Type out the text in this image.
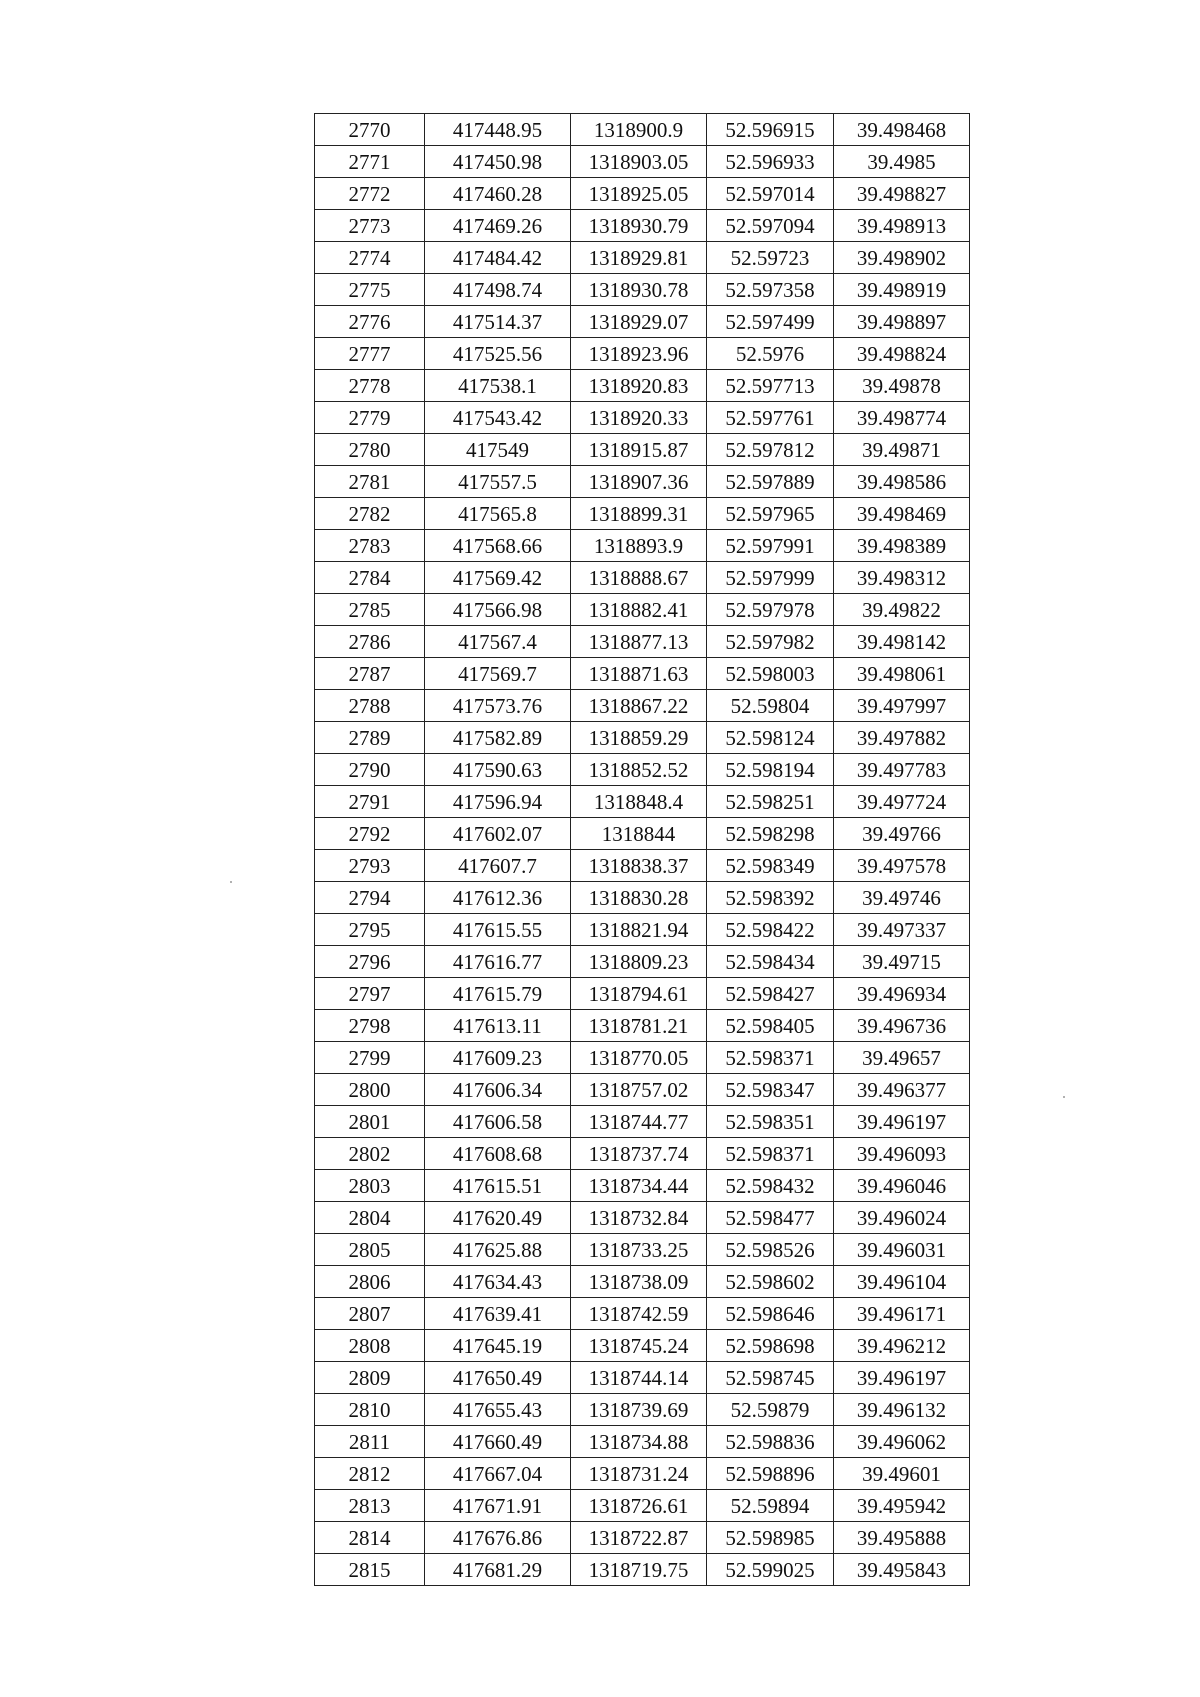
2770	417448.95	1318900.9	52.596915	39.498468
2771	417450.98	1318903.05	52.596933	39.4985
2772	417460.28	1318925.05	52.597014	39.498827
2773	417469.26	1318930.79	52.597094	39.498913
2774	417484.42	1318929.81	52.59723	39.498902
2775	417498.74	1318930.78	52.597358	39.498919
2776	417514.37	1318929.07	52.597499	39.498897
2777	417525.56	1318923.96	52.5976	39.498824
2778	417538.1	1318920.83	52.597713	39.49878
2779	417543.42	1318920.33	52.597761	39.498774
2780	417549	1318915.87	52.597812	39.49871
2781	417557.5	1318907.36	52.597889	39.498586
2782	417565.8	1318899.31	52.597965	39.498469
2783	417568.66	1318893.9	52.597991	39.498389
2784	417569.42	1318888.67	52.597999	39.498312
2785	417566.98	1318882.41	52.597978	39.49822
2786	417567.4	1318877.13	52.597982	39.498142
2787	417569.7	1318871.63	52.598003	39.498061
2788	417573.76	1318867.22	52.59804	39.497997
2789	417582.89	1318859.29	52.598124	39.497882
2790	417590.63	1318852.52	52.598194	39.497783
2791	417596.94	1318848.4	52.598251	39.497724
2792	417602.07	1318844	52.598298	39.49766
2793	417607.7	1318838.37	52.598349	39.497578
2794	417612.36	1318830.28	52.598392	39.49746
2795	417615.55	1318821.94	52.598422	39.497337
2796	417616.77	1318809.23	52.598434	39.49715
2797	417615.79	1318794.61	52.598427	39.496934
2798	417613.11	1318781.21	52.598405	39.496736
2799	417609.23	1318770.05	52.598371	39.49657
2800	417606.34	1318757.02	52.598347	39.496377
2801	417606.58	1318744.77	52.598351	39.496197
2802	417608.68	1318737.74	52.598371	39.496093
2803	417615.51	1318734.44	52.598432	39.496046
2804	417620.49	1318732.84	52.598477	39.496024
2805	417625.88	1318733.25	52.598526	39.496031
2806	417634.43	1318738.09	52.598602	39.496104
2807	417639.41	1318742.59	52.598646	39.496171
2808	417645.19	1318745.24	52.598698	39.496212
2809	417650.49	1318744.14	52.598745	39.496197
2810	417655.43	1318739.69	52.59879	39.496132
2811	417660.49	1318734.88	52.598836	39.496062
2812	417667.04	1318731.24	52.598896	39.49601
2813	417671.91	1318726.61	52.59894	39.495942
2814	417676.86	1318722.87	52.598985	39.495888
2815	417681.29	1318719.75	52.599025	39.495843
